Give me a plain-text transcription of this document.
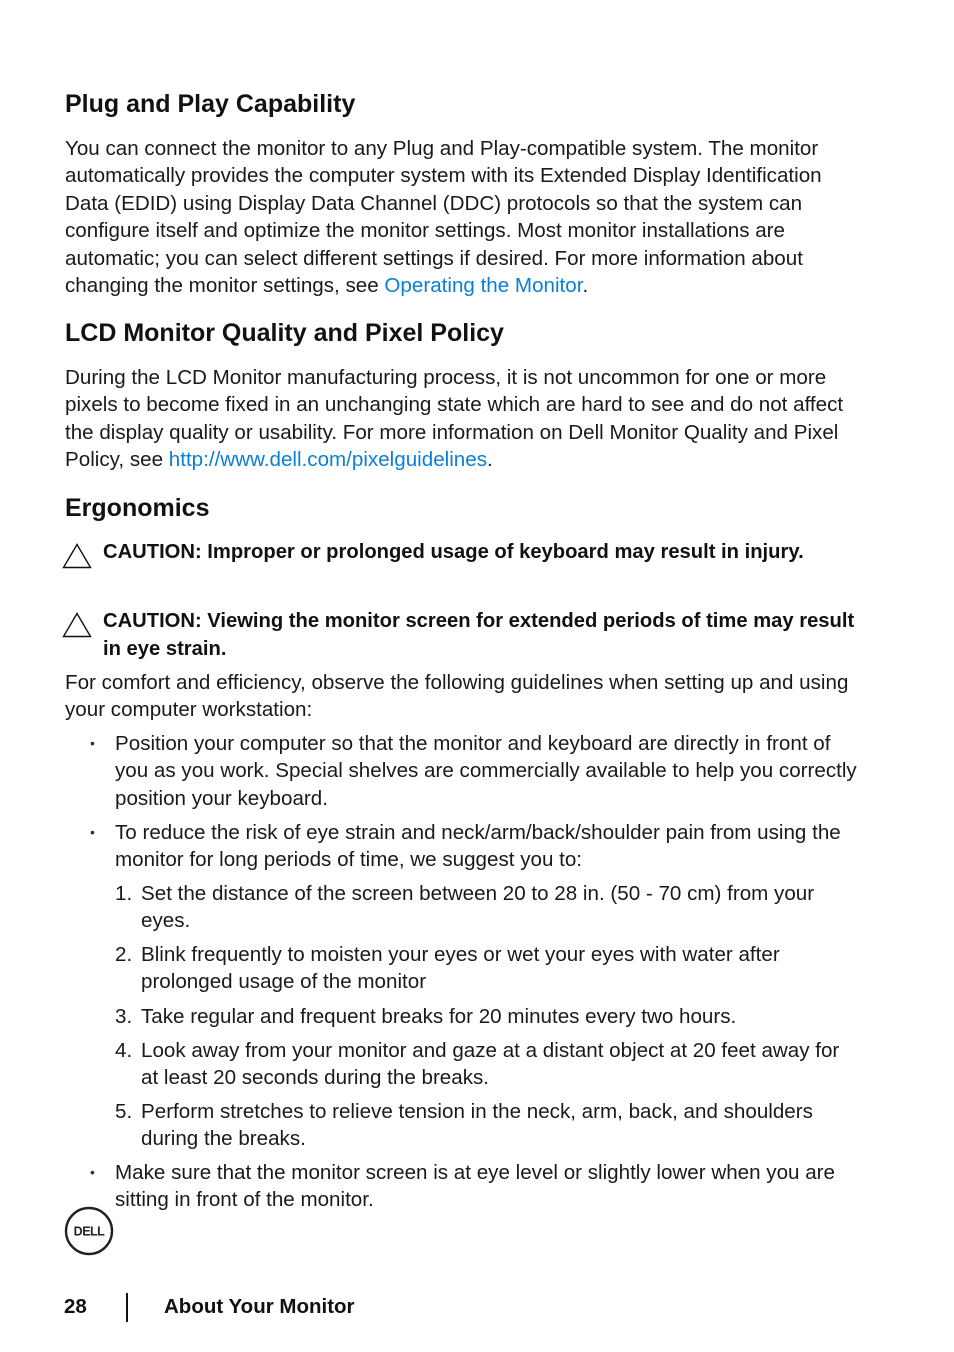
Plug and Play Capability

You can connect the monitor to any Plug and Play-compatible system. The monitor automatically provides the computer system with its Extended Display Identification Data (EDID) using Display Data Channel (DDC) protocols so that the system can configure itself and optimize the monitor settings. Most monitor installations are automatic; you can select different settings if desired. For more information about changing the monitor settings, see Operating the Monitor.

LCD Monitor Quality and Pixel Policy

During the LCD Monitor manufacturing process, it is not uncommon for one or more pixels to become fixed in an unchanging state which are hard to see and do not affect the display quality or usability. For more information on Dell Monitor Quality and Pixel Policy, see http://www.dell.com/pixelguidelines.

Ergonomics

CAUTION: Improper or prolonged usage of keyboard may result in injury.

CAUTION: Viewing the monitor screen for extended periods of time may result in eye strain.

For comfort and efficiency, observe the following guidelines when setting up and using your computer workstation:

• Position your computer so that the monitor and keyboard are directly in front of you as you work. Special shelves are commercially available to help you correctly position your keyboard.

• To reduce the risk of eye strain and neck/arm/back/shoulder pain from using the monitor for long periods of time, we suggest you to:

1. Set the distance of the screen between 20 to 28 in. (50 - 70 cm) from your eyes.

2. Blink frequently to moisten your eyes or wet your eyes with water after prolonged usage of the monitor

3. Take regular and frequent breaks for 20 minutes every two hours.

4. Look away from your monitor and gaze at a distant object at 20 feet away for at least 20 seconds during the breaks.

5. Perform stretches to relieve tension in the neck, arm, back, and shoulders during the breaks.

• Make sure that the monitor screen is at eye level or slightly lower when you are sitting in front of the monitor.

DELL
28	About Your Monitor
